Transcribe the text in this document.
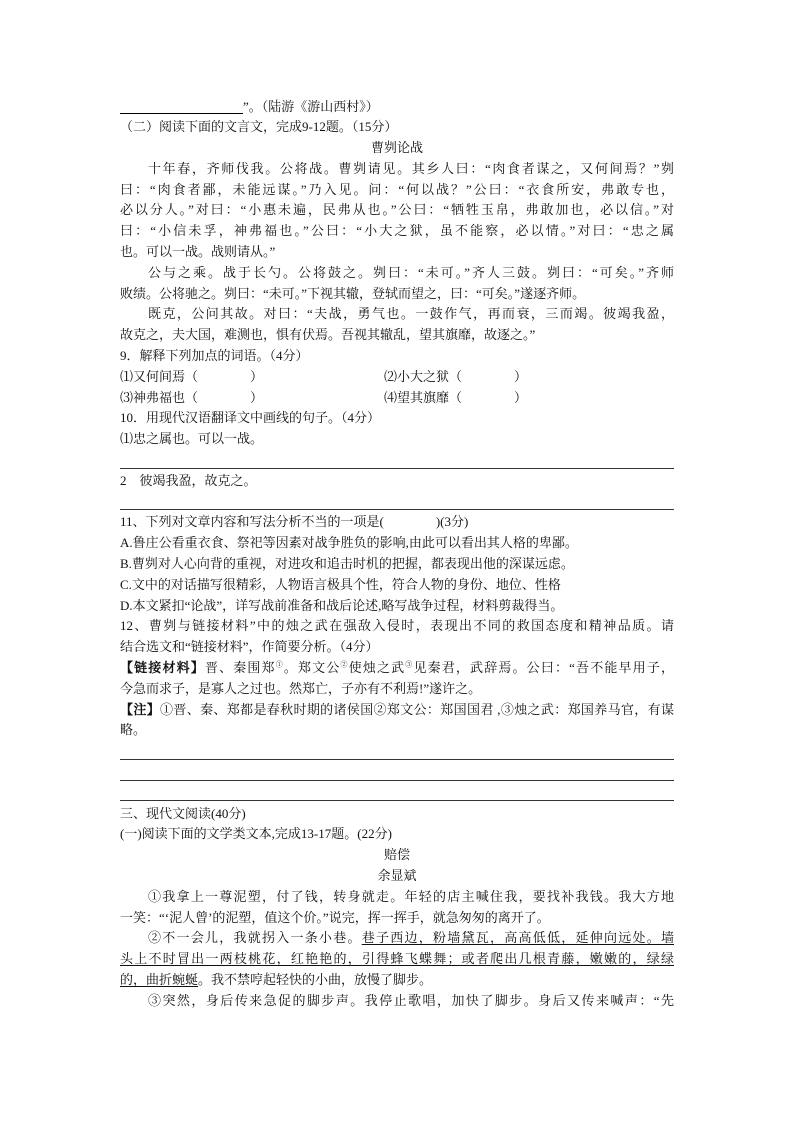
”。（陆游《游山西村》）
（二）阅读下面的文言文，完成9-12题。（15分）
曹刿论战
十年春，齐师伐我。公将战。曹刿请见。其乡人曰：“肉食者谋之，又何间焉？”刿
曰：“肉食者鄙，未能远谋。”乃入见。问：“何以战？”公曰：“衣食所安，弗敢专也，
必以分人。”对曰：“小惠未遍，民弗从也。”公曰：“牺牲玉帛，弗敢加也，必以信。”对
曰：“小信未孚，神弗福也。”公曰：“小大之狱，虽不能察，必以情。”对曰：“忠之属
也。可以一战。战则请从。”
公与之乘。战于长勺。公将鼓之。刿曰：“未可。”齐人三鼓。刿曰：“可矣。”齐师
败绩。公将驰之。刿曰：“未可。”下视其辙，登轼而望之，曰：“可矣。”遂逐齐师。
既克，公问其故。对曰：“夫战，勇气也。一鼓作气，再而衰，三而竭。彼竭我盈，
故克之，夫大国，难测也，惧有伏焉。吾视其辙乱，望其旗靡，故逐之。”
9．解释下列加点的词语。（4分）
⑴又何间焉（　　　　）	⑵小大之狱（　　　　）
⑶神弗福也（　　　　）	⑷望其旗靡（　　　　）
10．用现代汉语翻译文中画线的句子。（4分）
⑴忠之属也。可以一战。
2　彼竭我盈，故克之。
11、下列对文章内容和写法分析不当的一项是(　　　　)(3分)
A.鲁庄公看重衣食、祭祀等因素对战争胜负的影响,由此可以看出其人格的卑鄙。
B.曹刿对人心向背的重视，对进攻和追击时机的把握，都表现出他的深谋远虑。
C.文中的对话描写很精彩，人物语言极具个性，符合人物的身份、地位、性格
D.本文紧扣“论战”，详写战前准备和战后论述,略写战争过程，材料剪裁得当。
12、曹刿与链接材料”中的烛之武在强敌入侵时，表现出不同的救国态度和精神品质。请
结合选文和“链接材料”，作简要分析。（4分）
【链接材料】晋、秦围郑①。郑文公②使烛之武③见秦君，武辞焉。公曰：“吾不能早用子，
今急而求子，是寡人之过也。然郑亡，子亦有不利焉!”遂许之。
【注】①晋、秦、郑都是春秋时期的诸侯国②郑文公：郑国国君 ,③烛之武：郑国养马官，有谋
略。
三、现代文阅读(40分)
(一)阅读下面的文学类文本,完成13-17题。(22分)
赔偿
余显斌
①我拿上一尊泥塑，付了钱，转身就走。年轻的店主喊住我，要找补我钱。我大方地
一笑：“‘泥人曾’的泥塑，值这个价。”说完，挥一挥手，就急匆匆的离开了。
②不一会儿，我就拐入一条小巷。巷子西边，粉墙黛瓦，高高低低，延伸向远处。墙
头上不时冒出一两枝桃花，红艳艳的，引得蜂飞蝶舞；或者爬出几根青藤，嫩嫩的，绿绿
的，曲折蜿蜒。我不禁哼起轻快的小曲，放慢了脚步。
③突然，身后传来急促的脚步声。我停止歌唱，加快了脚步。身后又传来喊声：“先
